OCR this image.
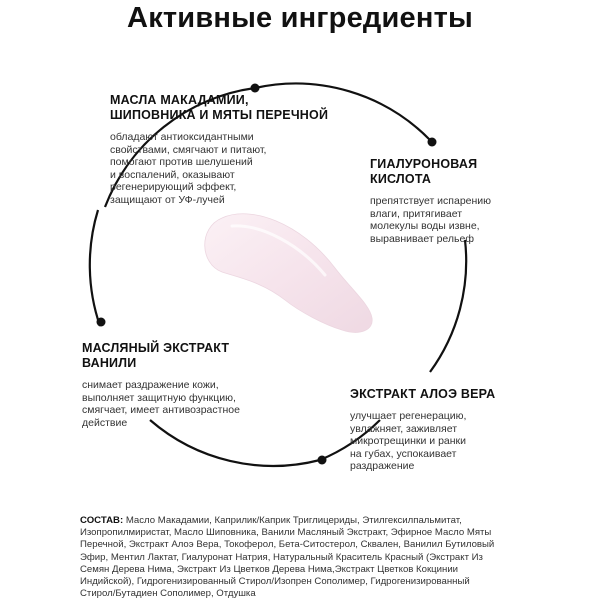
Активные ингредиенты
МАСЛА МАКАДАМИИ,
ШИПОВНИКА И МЯТЫ ПЕРЕЧНОЙ
обладают антиоксидантными
свойствами, смягчают и питают,
помогают против шелушений
и воспалений, оказывают
регенерирующий эффект,
защищают от УФ-лучей
ГИАЛУРОНОВАЯ
КИСЛОТА
препятствует испарению
влаги, притягивает
молекулы воды извне,
выравнивает рельеф
МАСЛЯНЫЙ ЭКСТРАКТ
ВАНИЛИ
снимает раздражение кожи,
выполняет защитную функцию,
смягчает, имеет антивозрастное
действие
ЭКСТРАКТ АЛОЭ ВЕРА
улучшает регенерацию,
увлажняет, заживляет
микротрещинки и ранки
на губах, успокаивает
раздражение
СОСТАВ: Масло Макадамии, Каприлик/Каприк Триглицериды, Этилгексилпальмитат,
Изопропилмиристат, Масло Шиповника, Ванили Масляный Экстракт, Эфирное Масло Мяты
Перечной, Экстракт Алоэ Вера, Токоферол, Бета-Ситостерол, Сквален, Ванилил Бутиловый
Эфир, Ментил Лактат, Гиалуронат Натрия, Натуральный Краситель Красный (Экстракт Из
Семян Дерева Нима, Экстракт Из Цветков Дерева Нима,Экстракт Цветков Кокцинии
Индийской), Гидрогенизированный Стирол/Изопрен Сополимер, Гидрогенизированный
Стирол/Бутадиен Сополимер, Отдушка
